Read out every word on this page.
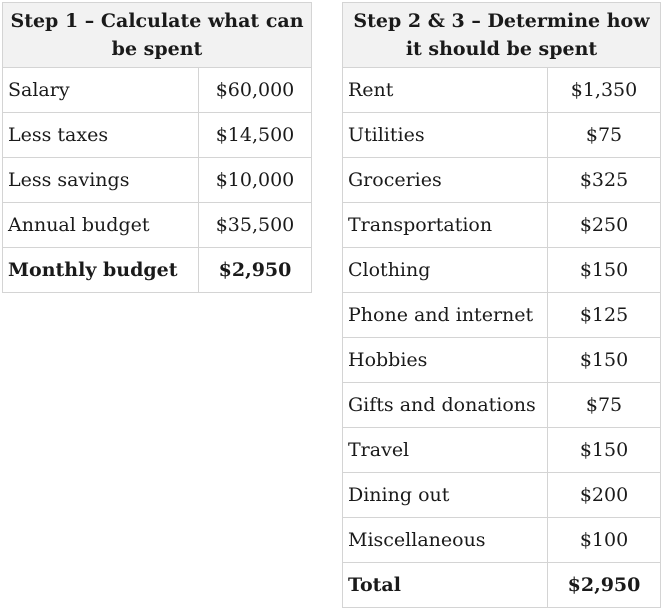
Step 1 – Calculate what can be spent	
Salary	$60,000
Less taxes	$14,500
Less savings	$10,000
Annual budget	$35,500
Monthly budget	$2,950
Step 2 & 3 – Determine how it should be spent	
Rent	$1,350
Utilities	$75
Groceries	$325
Transportation	$250
Clothing	$150
Phone and internet	$125
Hobbies	$150
Gifts and donations	$75
Travel	$150
Dining out	$200
Miscellaneous	$100
Total	$2,950
